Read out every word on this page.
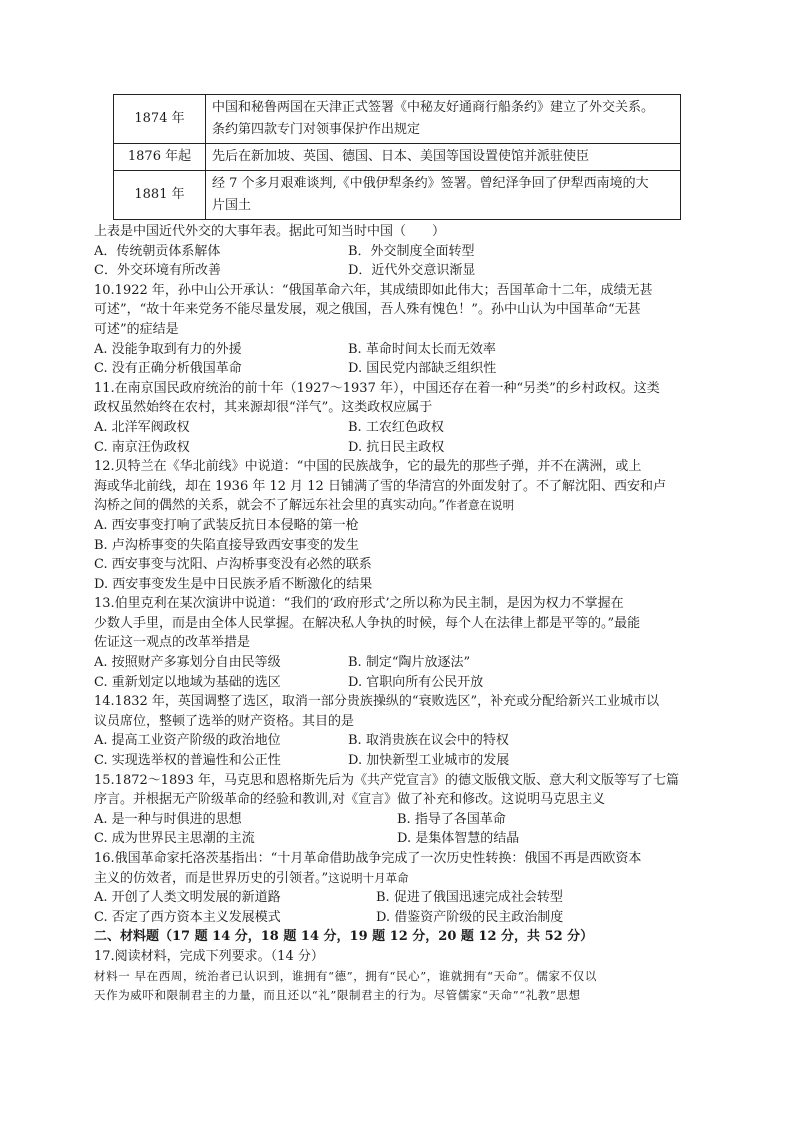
1874 年	中国和秘鲁两国在天津正式签署《中秘友好通商行船条约》建立了外交关系。
条约第四款专门对领事保护作出规定

1876 年起	先后在新加坡、英国、德国、日本、美国等国设置使馆并派驻使臣

1881 年	经 7 个多月艰难谈判,《中俄伊犁条约》签署。曾纪泽争回了伊犁西南境的大
片国土
上表是中国近代外交的大事年表。据此可知当时中国（　　）
A．传统朝贡体系解体	B．外交制度全面转型
C．外交环境有所改善	D．近代外交意识渐显
10.1922 年，孙中山公开承认：“俄国革命六年，其成绩即如此伟大；吾国革命十二年，成绩无甚
可述”，“故十年来党务不能尽量发展，观之俄国，吾人殊有愧色！”。孙中山认为中国革命“无甚
可述”的症结是
A. 没能争取到有力的外援	B. 革命时间太长而无效率
C. 没有正确分析俄国革命	D. 国民党内部缺乏组织性
11.在南京国民政府统治的前十年（1927～1937 年），中国还存在着一种“另类”的乡村政权。这类
政权虽然始终在农村，其来源却很“洋气”。这类政权应属于
A. 北洋军阀政权	B. 工农红色政权
C. 南京汪伪政权	D. 抗日民主政权
12.贝特兰在《华北前线》中说道：“中国的民族战争，它的最先的那些子弹，并不在满洲，或上
海或华北前线，却在 1936 年 12 月 12 日铺满了雪的华清宫的外面发射了。不了解沈阳、西安和卢
沟桥之间的偶然的关系，就会不了解远东社会里的真实动向。”作者意在说明
A. 西安事变打响了武装反抗日本侵略的第一枪
B. 卢沟桥事变的失陷直接导致西安事变的发生
C. 西安事变与沈阳、卢沟桥事变没有必然的联系
D. 西安事变发生是中日民族矛盾不断激化的结果
13.伯里克利在某次演讲中说道：“我们的‘政府形式’之所以称为民主制，是因为权力不掌握在
少数人手里，而是由全体人民掌握。在解决私人争执的时候，每个人在法律上都是平等的。”最能
佐证这一观点的改革举措是
A. 按照财产多寡划分自由民等级	B. 制定“陶片放逐法”
C. 重新划定以地域为基础的选区	D. 官职向所有公民开放
14.1832 年，英国调整了选区，取消一部分贵族操纵的“衰败选区”，补充或分配给新兴工业城市以
议员席位，整顿了选举的财产资格。其目的是
A. 提高工业资产阶级的政治地位	B. 取消贵族在议会中的特权
C. 实现选举权的普遍性和公正性	D. 加快新型工业城市的发展
15.1872～1893 年，马克思和恩格斯先后为《共产党宣言》的德文版俄文版、意大利文版等写了七篇
序言。并根据无产阶级革命的经验和教训,对《宣言》做了补充和修改。这说明马克思主义
A. 是一种与时俱进的思想	B. 指导了各国革命
C. 成为世界民主思潮的主流	D. 是集体智慧的结晶
16.俄国革命家托洛茨基指出：“十月革命借助战争完成了一次历史性转换：俄国不再是西欧资本
主义的仿效者，而是世界历史的引领者。”这说明十月革命
A. 开创了人类文明发展的新道路	B. 促进了俄国迅速完成社会转型
C. 否定了西方资本主义发展模式	D. 借鉴资产阶级的民主政治制度
二、材料题（17 题 14 分，18 题 14 分，19 题 12 分，20 题 12 分，共 52 分）
17.阅读材料，完成下列要求。（14 分）
材料一 早在西周，统治者已认识到，谁拥有“德”，拥有“民心”，谁就拥有“天命”。儒家不仅以
天作为威吓和限制君主的力量，而且还以“礼”限制君主的行为。尽管儒家“天命”“礼教”思想
